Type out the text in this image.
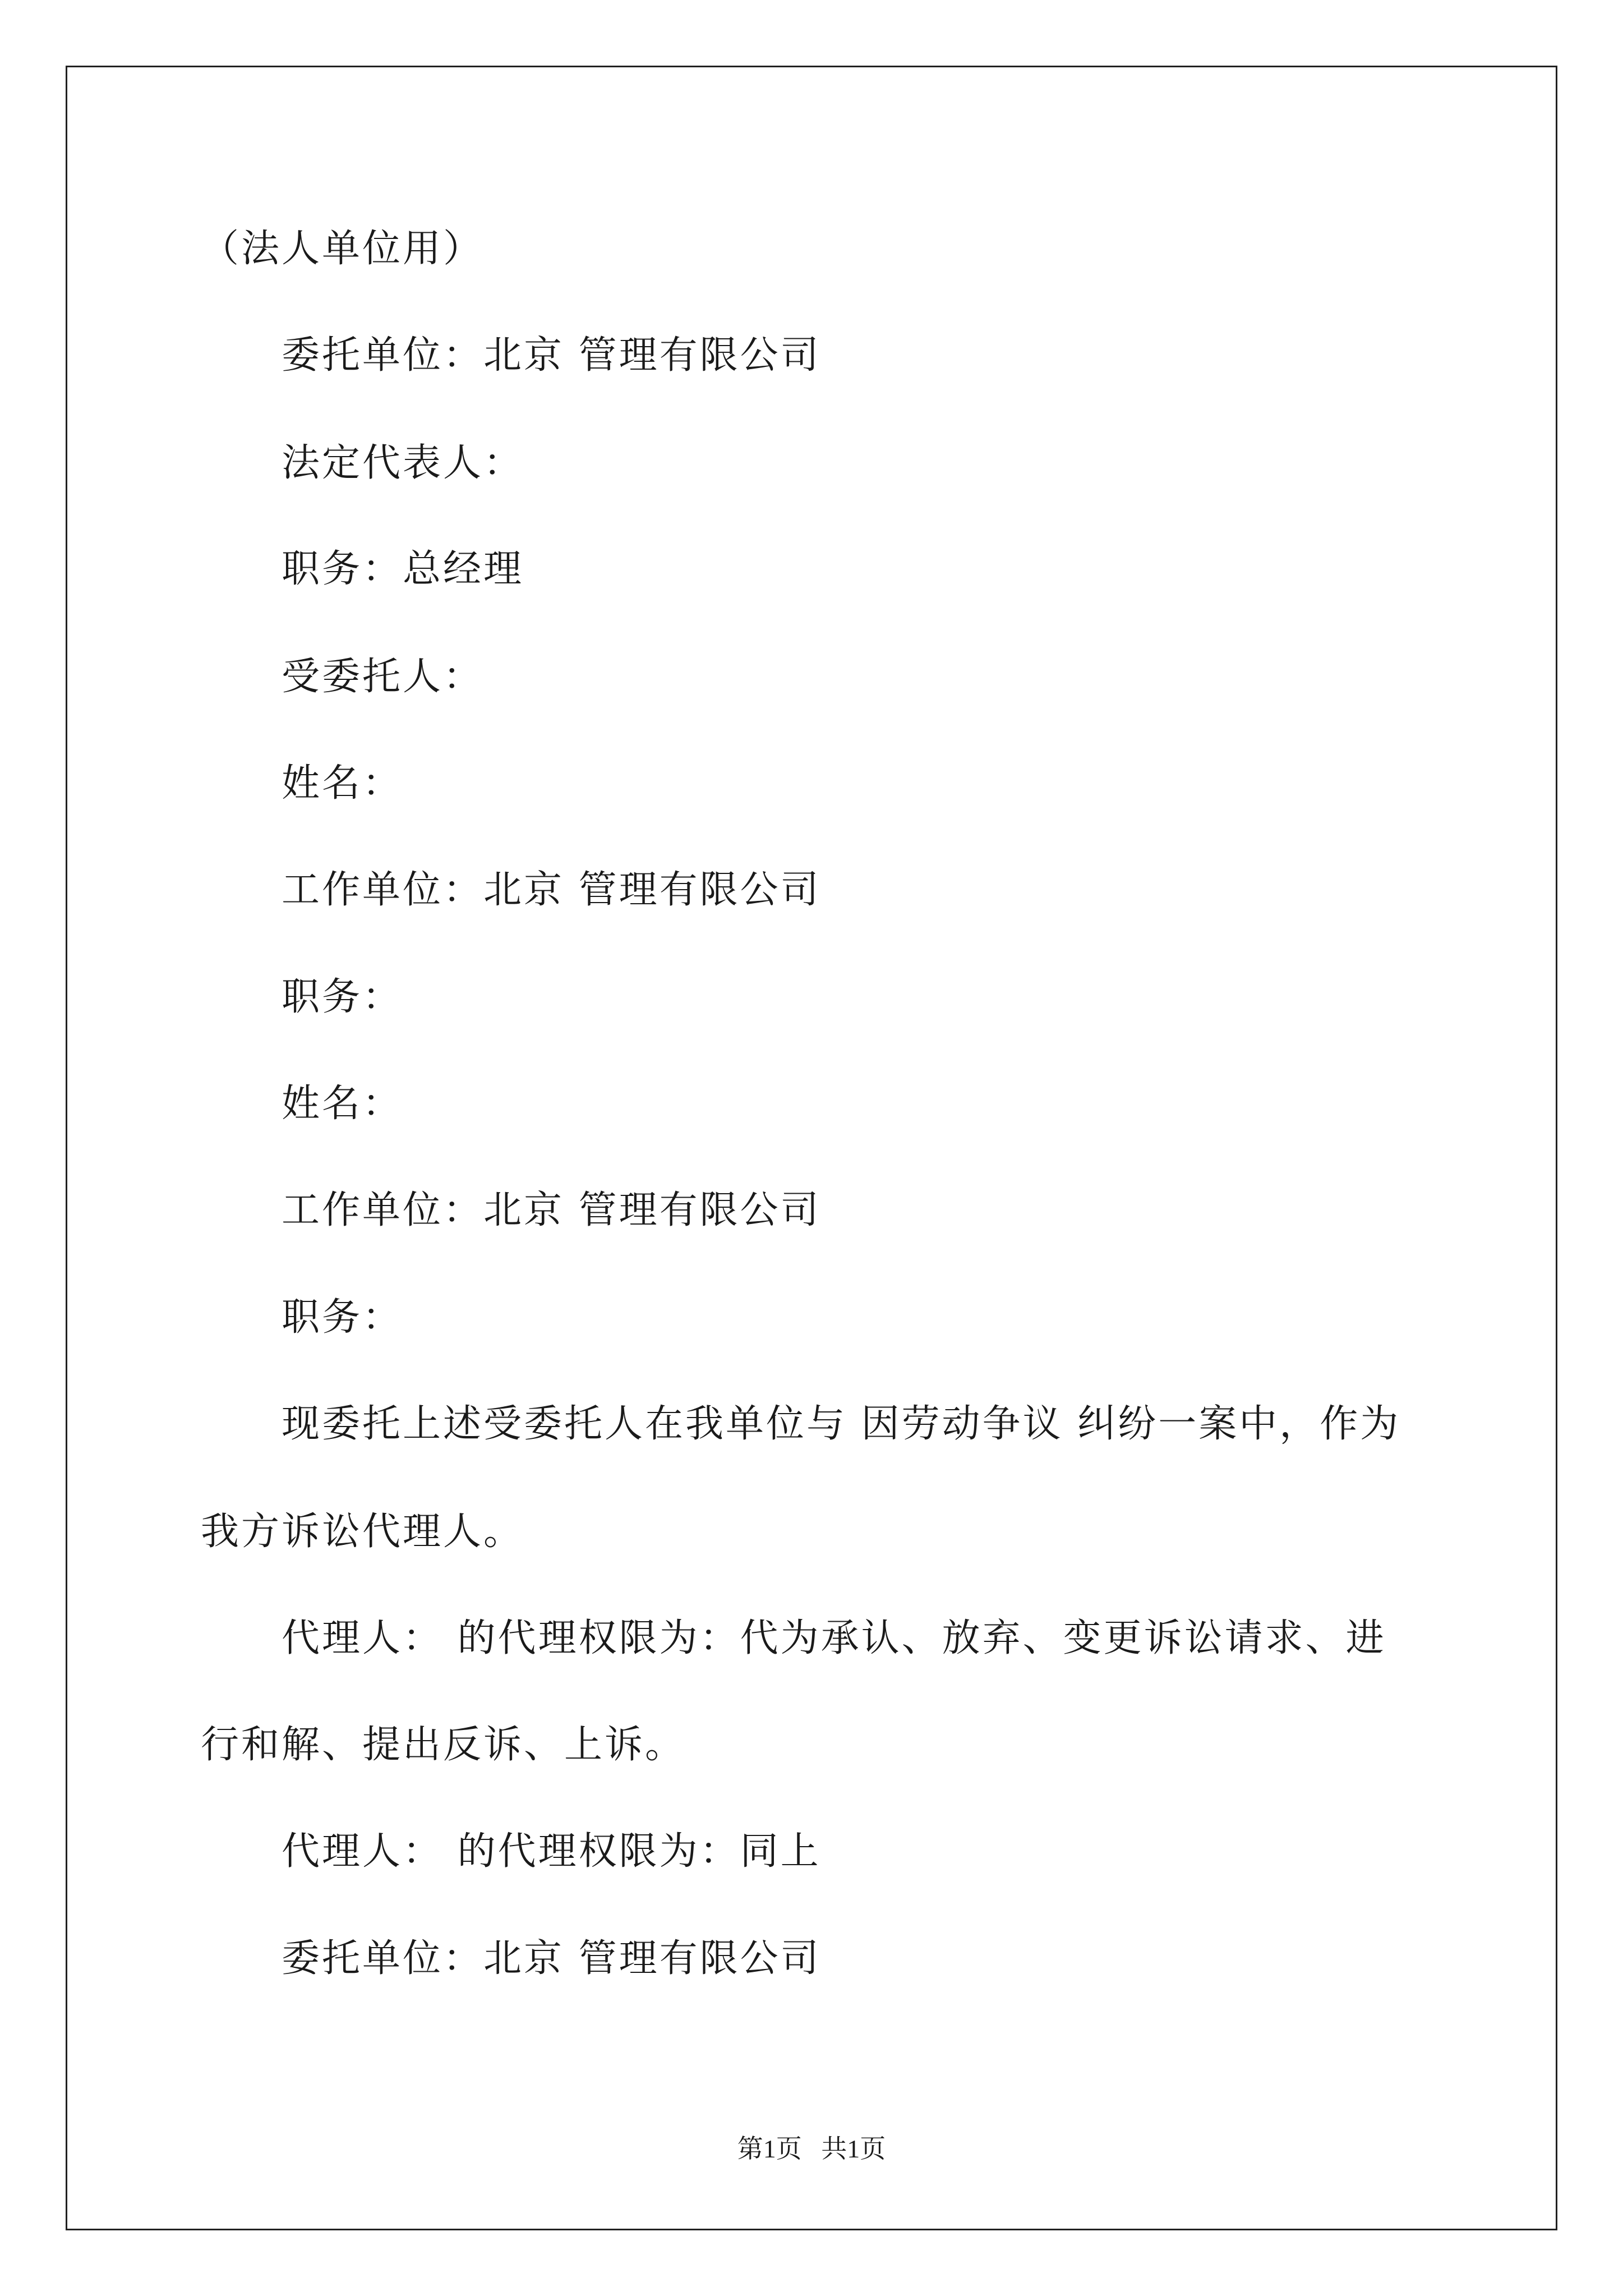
（法人单位用）
委托单位：北京 管理有限公司
法定代表人：
职务：总经理
受委托人：
姓名：
工作单位：北京 管理有限公司
职务：
姓名：
工作单位：北京 管理有限公司
职务：
现委托上述受委托人在我单位与 因劳动争议 纠纷一案中，作为
我方诉讼代理人。
代理人： 的代理权限为：代为承认、放弃、变更诉讼请求、进
行和解、提出反诉、上诉。
代理人： 的代理权限为：同上
委托单位：北京 管理有限公司
第1页   共1页
